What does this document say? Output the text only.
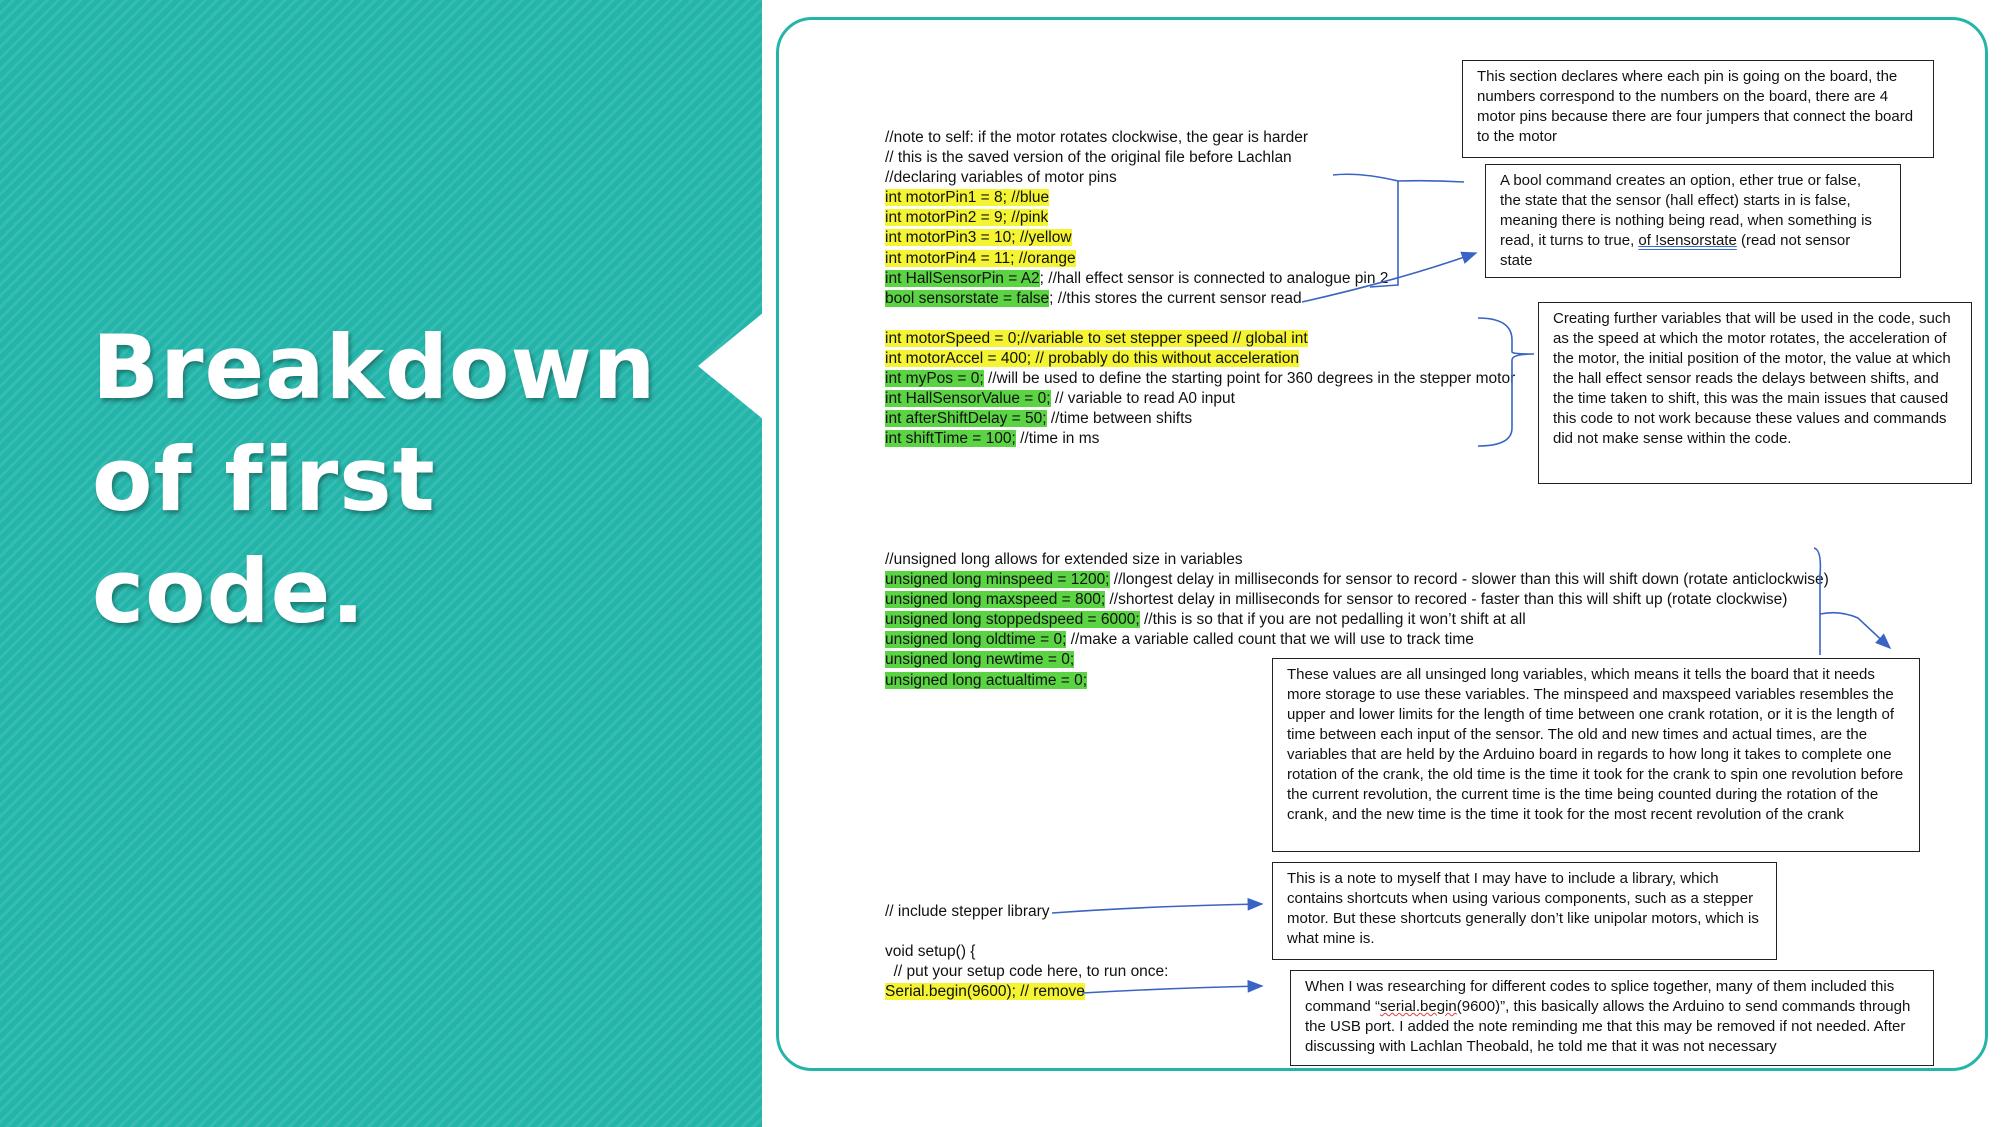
Breakdown
of first
code.
//note to self: if the motor rotates clockwise, the gear is harder
// this is the saved version of the original file before Lachlan
//declaring variables of motor pins
int motorPin1 = 8; //blue
int motorPin2 = 9; //pink
int motorPin3 = 10; //yellow
int motorPin4 = 11; //orange
int HallSensorPin = A2; //hall effect sensor is connected to analogue pin 2
bool sensorstate = false; //this stores the current sensor read
int motorSpeed = 0;//variable to set stepper speed // global int
int motorAccel = 400; // probably do this without acceleration
int myPos = 0; //will be used to define the starting point for 360 degrees in the stepper motor
int HallSensorValue = 0; // variable to read A0 input
int afterShiftDelay = 50; //time between shifts
int shiftTime = 100; //time in ms
//unsigned long allows for extended size in variables
unsigned long minspeed = 1200; //longest delay in milliseconds for sensor to record - slower than this will shift down (rotate anticlockwise)
unsigned long maxspeed = 800; //shortest delay in milliseconds for sensor to recored - faster than this will shift up (rotate clockwise)
unsigned long stoppedspeed = 6000; //this is so that if you are not pedalling it won’t shift at all
unsigned long oldtime = 0; //make a variable called count that we will use to track time
unsigned long newtime = 0;
unsigned long actualtime = 0;
// include stepper library

void setup() {
// put your setup code here, to run once:
Serial.begin(9600); // remove
This section declares where each pin is going on the board, the numbers correspond to the numbers on the board, there are 4 motor pins because there are four jumpers that connect the board to the motor
A bool command creates an option, ether true or false, the state that the sensor (hall effect) starts in is false, meaning there is nothing being read, when something is read, it turns to true, of !sensorstate (read not sensor state
Creating further variables that will be used in the code, such as the speed at which the motor rotates, the acceleration of the motor, the initial position of the motor, the value at which the hall effect sensor reads the delays between shifts, and the time taken to shift, this was the main issues that caused this code to not work because these values and commands did not make sense within the code.
These values are all unsinged long variables, which means it tells the board that it needs more storage to use these variables. The minspeed and maxspeed variables resembles the upper and lower limits for the length of time between one crank rotation, or it is the length of time between each input of the sensor. The old and new times and actual times, are the variables that are held by the Arduino board in regards to how long it takes to complete one rotation of the crank, the old time is the time it took for the crank to spin one revolution before the current revolution, the current time is the time being counted during the rotation of the crank, and the new time is the time it took for the most recent revolution of the crank
This is a note to myself that I may have to include a library, which contains shortcuts when using various components, such as a stepper motor. But these shortcuts generally don’t like unipolar motors, which is what mine is.
When I was researching for different codes to splice together, many of them included this command “serial.begin(9600)”, this basically allows the Arduino to send commands through the USB port. I added the note reminding me that this may be removed if not needed. After discussing with Lachlan Theobald, he told me that it was not necessary
